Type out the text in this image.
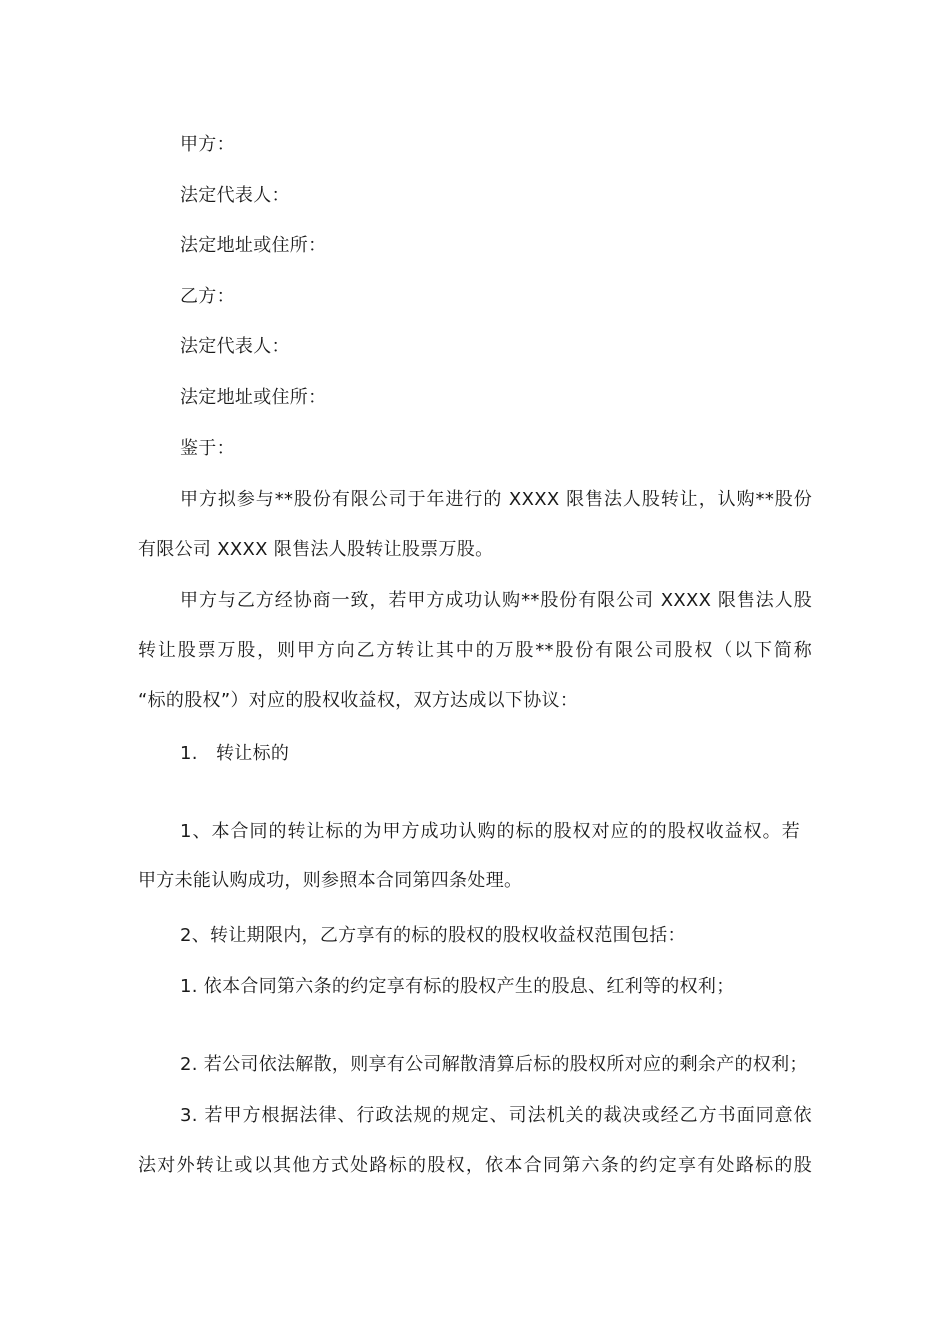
甲方：
法定代表人：
法定地址或住所：
乙方：
法定代表人：
法定地址或住所：
鉴于：
甲方拟参与**股份有限公司于年进行的 XXXX 限售法人股转让，认购**股份
有限公司 XXXX 限售法人股转让股票万股。
甲方与乙方经协商一致，若甲方成功认购**股份有限公司 XXXX 限售法人股
转让股票万股，则甲方向乙方转让其中的万股**股份有限公司股权（以下简称
“标的股权”）对应的股权收益权，双方达成以下协议：
1. 转让标的
1、本合同的转让标的为甲方成功认购的标的股权对应的的股权收益权。若
甲方未能认购成功，则参照本合同第四条处理。
2、转让期限内，乙方享有的标的股权的股权收益权范围包括：
1. 依本合同第六条的约定享有标的股权产生的股息、红利等的权利；
2. 若公司依法解散，则享有公司解散清算后标的股权所对应的剩余产的权利；
3. 若甲方根据法律、行政法规的规定、司法机关的裁决或经乙方书面同意依
法对外转让或以其他方式处路标的股权，依本合同第六条的约定享有处路标的股
